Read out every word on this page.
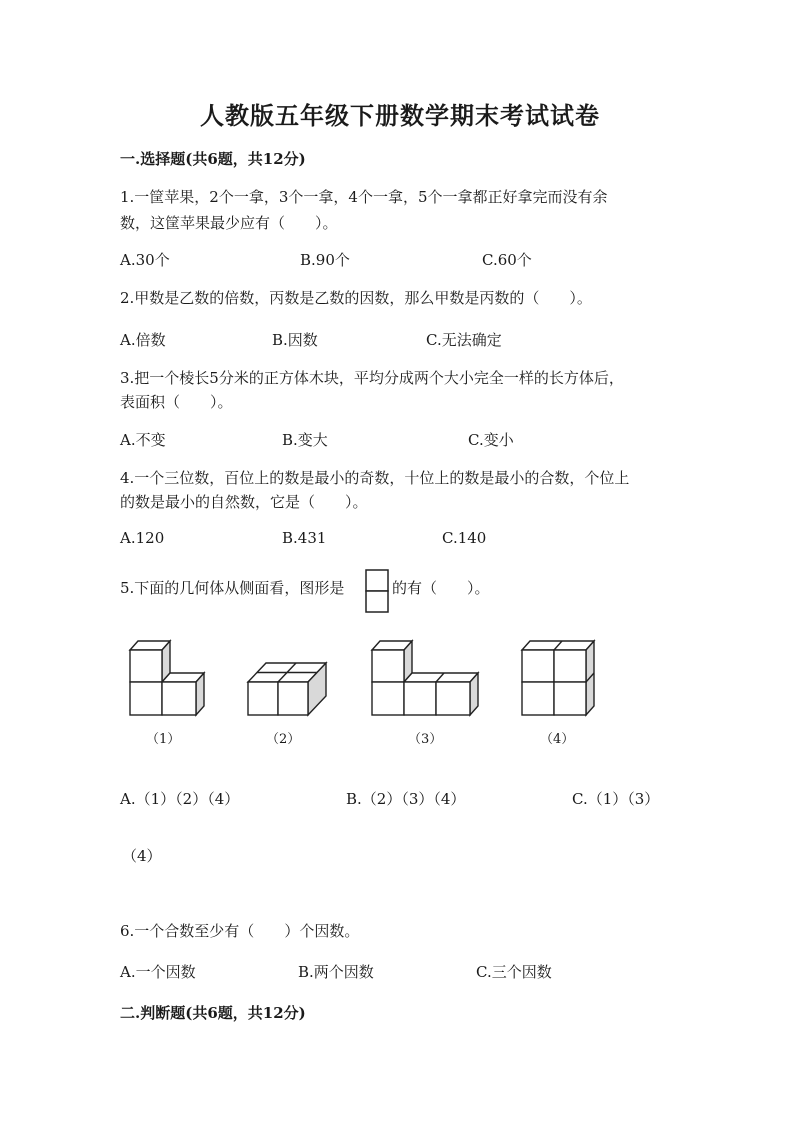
人教版五年级下册数学期末考试试卷
一.选择题(共6题，共12分)
1.一筐苹果，2个一拿，3个一拿，4个一拿，5个一拿都正好拿完而没有余
数，这筐苹果最少应有（　　）。
A.30个	B.90个	C.60个
2.甲数是乙数的倍数，丙数是乙数的因数，那么甲数是丙数的（　　）。
A.倍数	B.因数	C.无法确定
3.把一个棱长5分米的正方体木块，平均分成两个大小完全一样的长方体后，
表面积（　　）。
A.不变	B.变大	C.变小
4.一个三位数，百位上的数是最小的奇数，十位上的数是最小的合数，个位上
的数是最小的自然数，它是（　　）。
A.120	B.431	C.140
5.下面的几何体从侧面看，图形是	的有（　　）。
（1）	（2）	（3）	（4）
A.（1）（2）（4）	B.（2）（3）（4）	C.（1）（3）
（4）
6.一个合数至少有（　　）个因数。
A.一个因数	B.两个因数	C.三个因数
二.判断题(共6题，共12分)
